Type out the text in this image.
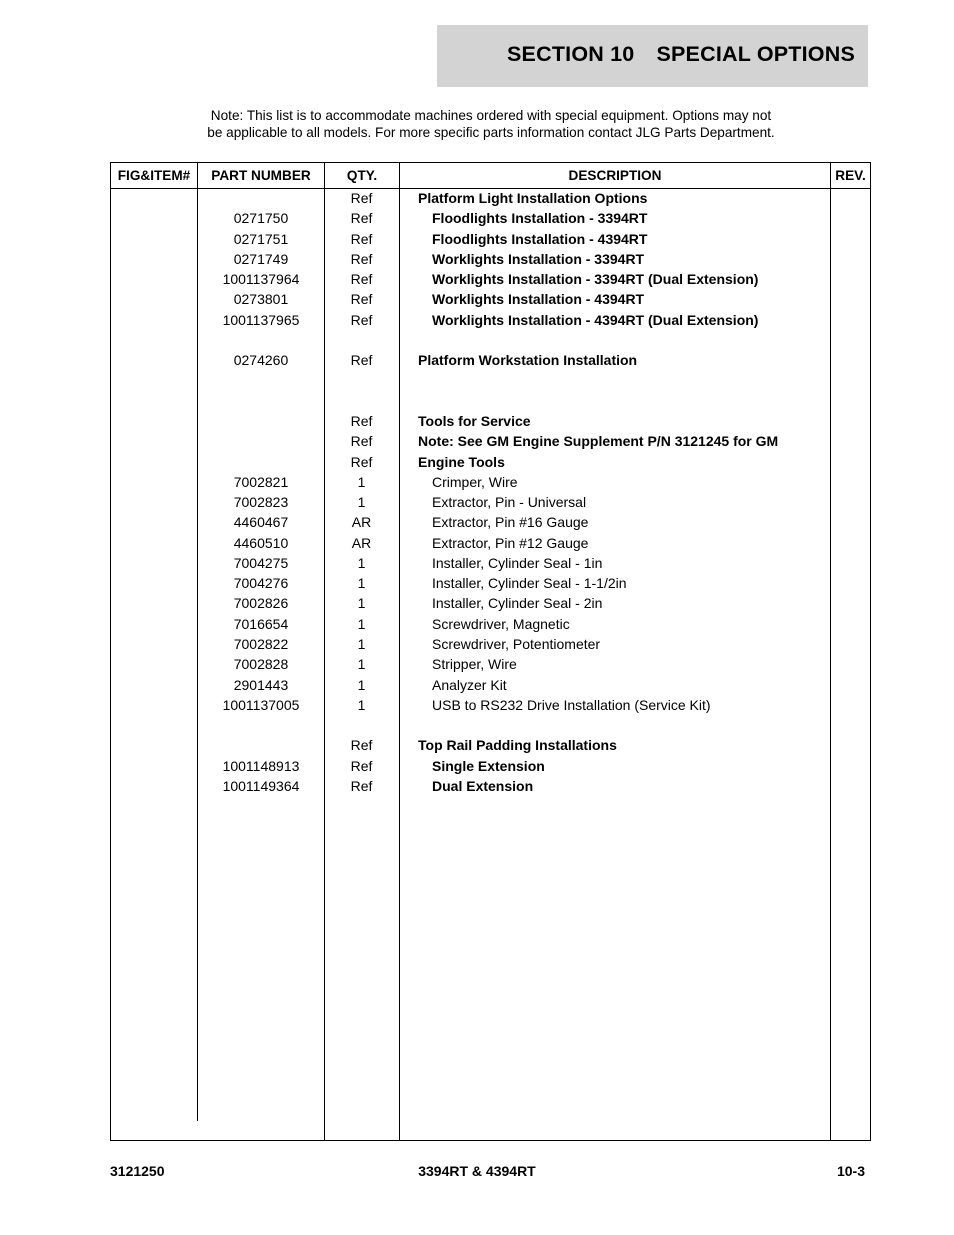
SECTION 10 SPECIAL OPTIONS
Note: This list is to accommodate machines ordered with special equipment. Options may not
be applicable to all models. For more specific parts information contact JLG Parts Department.
FIG&ITEM#	PART NUMBER	QTY.	DESCRIPTION	REV.
Ref	Platform Light Installation Options
0271750	Ref	Floodlights Installation - 3394RT
0271751	Ref	Floodlights Installation - 4394RT
0271749	Ref	Worklights Installation - 3394RT
1001137964	Ref	Worklights Installation - 3394RT (Dual Extension)
0273801	Ref	Worklights Installation - 4394RT
1001137965	Ref	Worklights Installation - 4394RT (Dual Extension)
0274260	Ref	Platform Workstation Installation
Ref	Tools for Service
Ref	Note: See GM Engine Supplement P/N 3121245 for GM
Ref	Engine Tools
7002821	1	Crimper, Wire
7002823	1	Extractor, Pin - Universal
4460467	AR	Extractor, Pin #16 Gauge
4460510	AR	Extractor, Pin #12 Gauge
7004275	1	Installer, Cylinder Seal - 1in
7004276	1	Installer, Cylinder Seal - 1-1/2in
7002826	1	Installer, Cylinder Seal - 2in
7016654	1	Screwdriver, Magnetic
7002822	1	Screwdriver, Potentiometer
7002828	1	Stripper, Wire
2901443	1	Analyzer Kit
1001137005	1	USB to RS232 Drive Installation (Service Kit)
Ref	Top Rail Padding Installations
1001148913	Ref	Single Extension
1001149364	Ref	Dual Extension
3121250	3394RT & 4394RT	10-3
